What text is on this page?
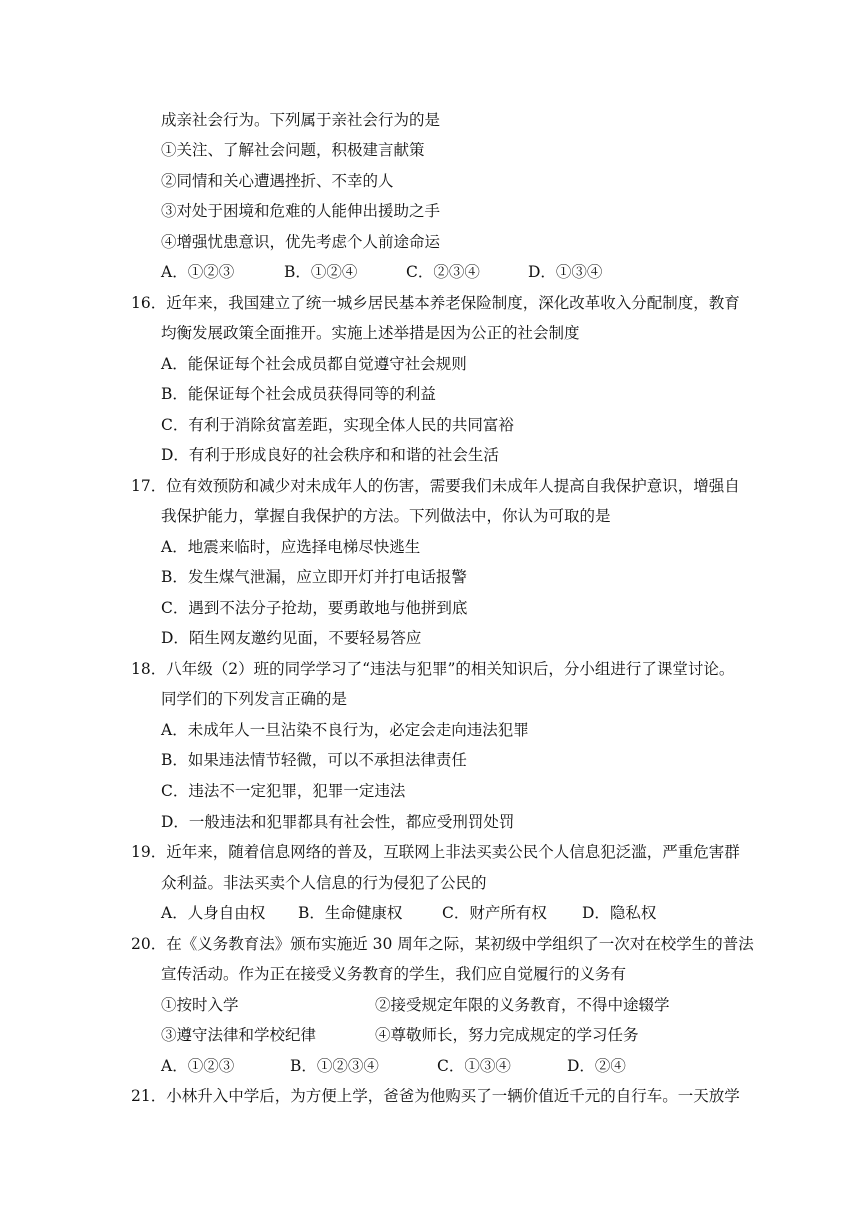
成亲社会行为。下列属于亲社会行为的是
①关注、了解社会问题，积极建言献策
②同情和关心遭遇挫折、不幸的人
③对处于困境和危难的人能伸出援助之手
④增强忧患意识，优先考虑个人前途命运
A．①②③	B．①②④	C．②③④	D．①③④
16．近年来，我国建立了统一城乡居民基本养老保险制度，深化改革收入分配制度，教育
均衡发展政策全面推开。实施上述举措是因为公正的社会制度
A．能保证每个社会成员都自觉遵守社会规则
B．能保证每个社会成员获得同等的利益
C．有利于消除贫富差距，实现全体人民的共同富裕
D．有利于形成良好的社会秩序和和谐的社会生活
17．位有效预防和减少对未成年人的伤害，需要我们未成年人提高自我保护意识，增强自
我保护能力，掌握自我保护的方法。下列做法中，你认为可取的是
A．地震来临时，应选择电梯尽快逃生
B．发生煤气泄漏，应立即开灯并打电话报警
C．遇到不法分子抢劫，要勇敢地与他拼到底
D．陌生网友邀约见面，不要轻易答应
18．八年级（2）班的同学学习了“违法与犯罪”的相关知识后，分小组进行了课堂讨论。
同学们的下列发言正确的是
A．未成年人一旦沾染不良行为，必定会走向违法犯罪
B．如果违法情节轻微，可以不承担法律责任
C．违法不一定犯罪，犯罪一定违法
D．一般违法和犯罪都具有社会性，都应受刑罚处罚
19．近年来，随着信息网络的普及，互联网上非法买卖公民个人信息犯泛滥，严重危害群
众利益。非法买卖个人信息的行为侵犯了公民的
A．人身自由权 B．生命健康权	C．财产所有权 D．隐私权
20．在《义务教育法》颁布实施近 30 周年之际，某初级中学组织了一次对在校学生的普法
宣传活动。作为正在接受义务教育的学生，我们应自觉履行的义务有
①按时入学	②接受规定年限的义务教育，不得中途辍学
③遵守法律和学校纪律	④尊敬师长，努力完成规定的学习任务
A．①②③	B．①②③④	C．①③④	D．②④
21．小林升入中学后，为方便上学，爸爸为他购买了一辆价值近千元的自行车。一天放学
